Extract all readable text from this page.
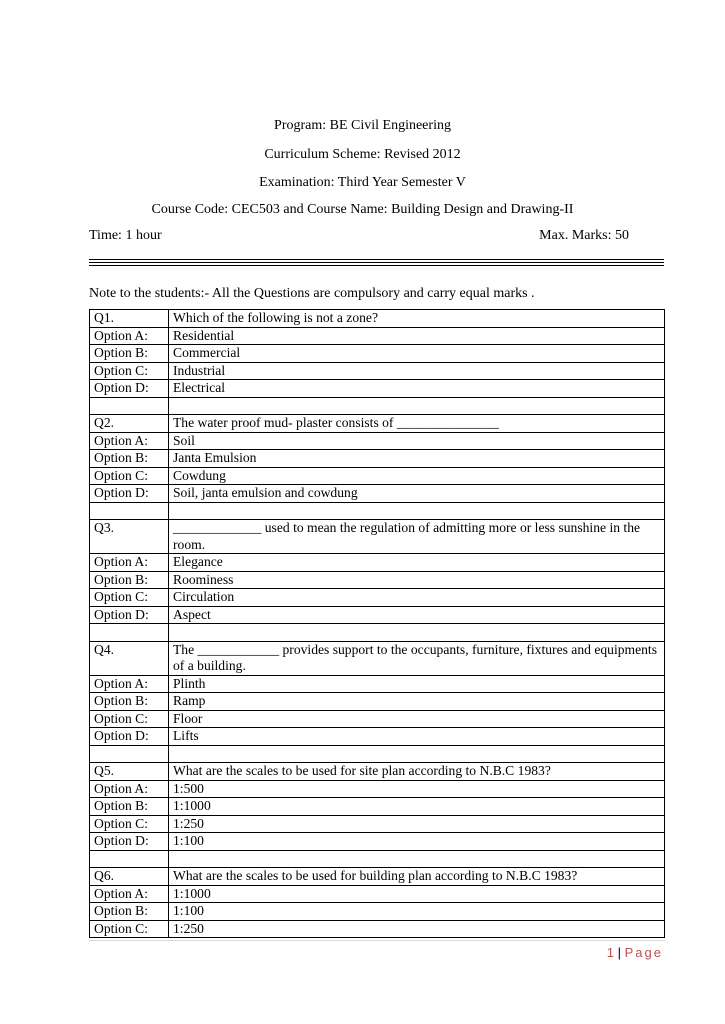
Program: BE Civil Engineering
Curriculum Scheme: Revised 2012
Examination: Third Year Semester V
Course Code: CEC503 and Course Name: Building Design and Drawing-II
Time: 1 hour	Max. Marks: 50
Note to the students:- All the Questions are compulsory and carry equal marks .
Q1.	Which of the following is not a zone?
Option A:	Residential
Option B:	Commercial
Option C:	Industrial
Option D:	Electrical

Q2.	The water proof mud- plaster consists of _______________
Option A:	Soil
Option B:	Janta Emulsion
Option C:	Cowdung
Option D:	Soil, janta emulsion and cowdung

Q3.	_____________ used to mean the regulation of admitting more or less sunshine in the room.
Option A:	Elegance
Option B:	Roominess
Option C:	Circulation
Option D:	Aspect

Q4.	The ____________ provides support to the occupants, furniture, fixtures and equipments of a building.
Option A:	Plinth
Option B:	Ramp
Option C:	Floor
Option D:	Lifts

Q5.	What are the scales to be used for site plan according to N.B.C 1983?
Option A:	1:500
Option B:	1:1000
Option C:	1:250
Option D:	1:100

Q6.	What are the scales to be used for building plan according to N.B.C 1983?
Option A:	1:1000
Option B:	1:100
Option C:	1:250
1 | Page
